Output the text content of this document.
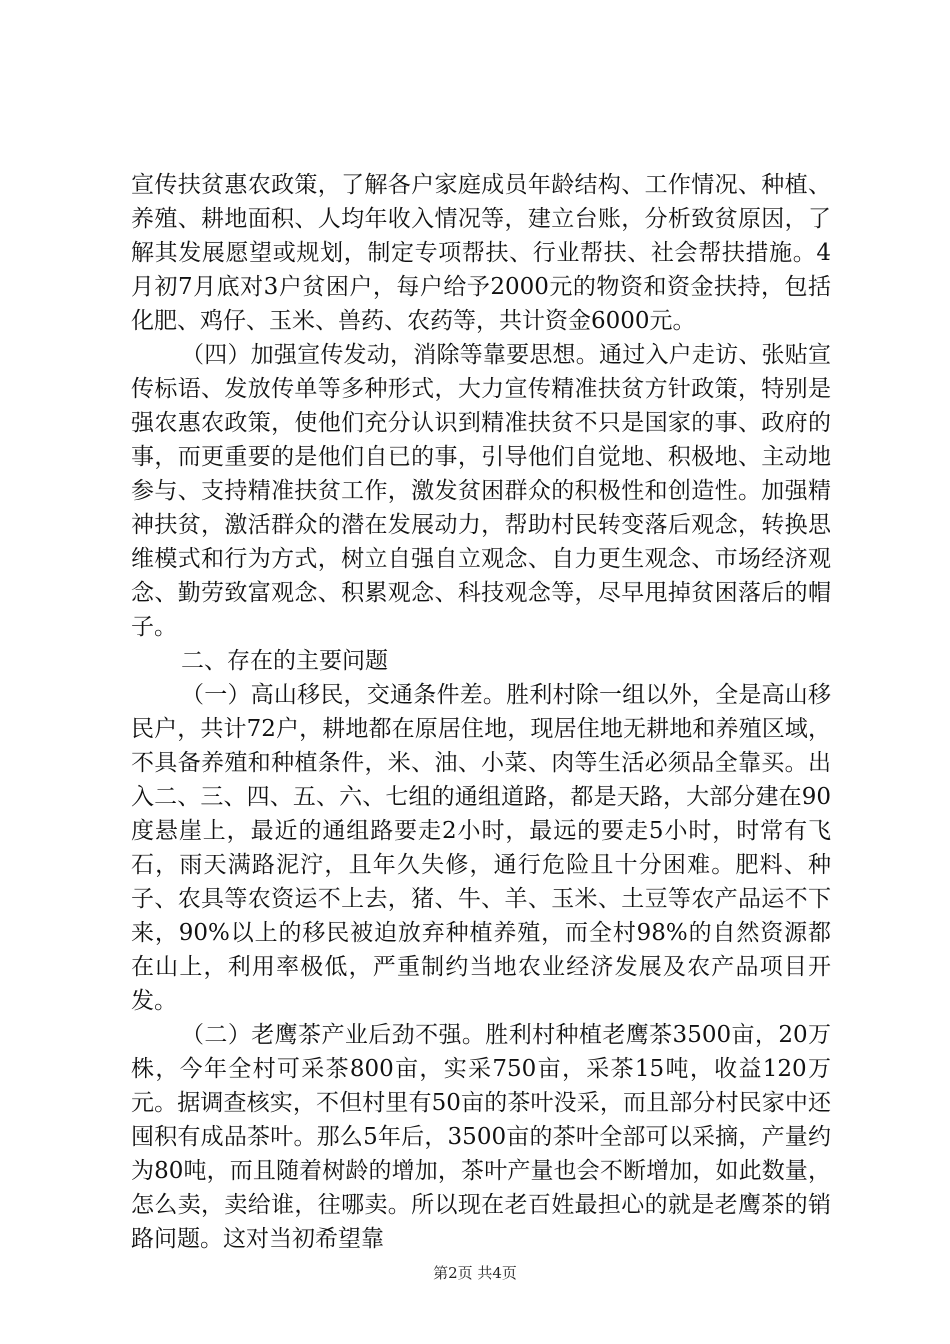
宣传扶贫惠农政策，了解各户家庭成员年龄结构、工作情况、种植、养殖、耕地面积、人均年收入情况等，建立台账，分析致贫原因，了解其发展愿望或规划，制定专项帮扶、行业帮扶、社会帮扶措施。4月初7月底对3户贫困户，每户给予2000元的物资和资金扶持，包括化肥、鸡仔、玉米、兽药、农药等，共计资金6000元。

（四）加强宣传发动，消除等靠要思想。通过入户走访、张贴宣传标语、发放传单等多种形式，大力宣传精准扶贫方针政策，特别是强农惠农政策，使他们充分认识到精准扶贫不只是国家的事、政府的事，而更重要的是他们自已的事，引导他们自觉地、积极地、主动地参与、支持精准扶贫工作，激发贫困群众的积极性和创造性。加强精神扶贫，激活群众的潜在发展动力，帮助村民转变落后观念，转换思维模式和行为方式，树立自强自立观念、自力更生观念、市场经济观念、勤劳致富观念、积累观念、科技观念等，尽早甩掉贫困落后的帽子。

二、存在的主要问题

（一）高山移民，交通条件差。胜利村除一组以外，全是高山移民户，共计72户，耕地都在原居住地，现居住地无耕地和养殖区域，不具备养殖和种植条件，米、油、小菜、肉等生活必须品全靠买。出入二、三、四、五、六、七组的通组道路，都是天路，大部分建在90度悬崖上，最近的通组路要走2小时，最远的要走5小时，时常有飞石，雨天满路泥泞，且年久失修，通行危险且十分困难。肥料、种子、农具等农资运不上去，猪、牛、羊、玉米、土豆等农产品运不下来，90%以上的移民被迫放弃种植养殖，而全村98%的自然资源都在山上，利用率极低，严重制约当地农业经济发展及农产品项目开发。

（二）老鹰茶产业后劲不强。胜利村种植老鹰茶3500亩，20万株，今年全村可采茶800亩，实采750亩，采茶15吨，收益120万元。据调查核实，不但村里有50亩的茶叶没采，而且部分村民家中还囤积有成品茶叶。那么5年后，3500亩的茶叶全部可以采摘，产量约为80吨，而且随着树龄的增加，茶叶产量也会不断增加，如此数量，怎么卖，卖给谁，往哪卖。所以现在老百姓最担心的就是老鹰茶的销路问题。这对当初希望靠

第2页 共4页
